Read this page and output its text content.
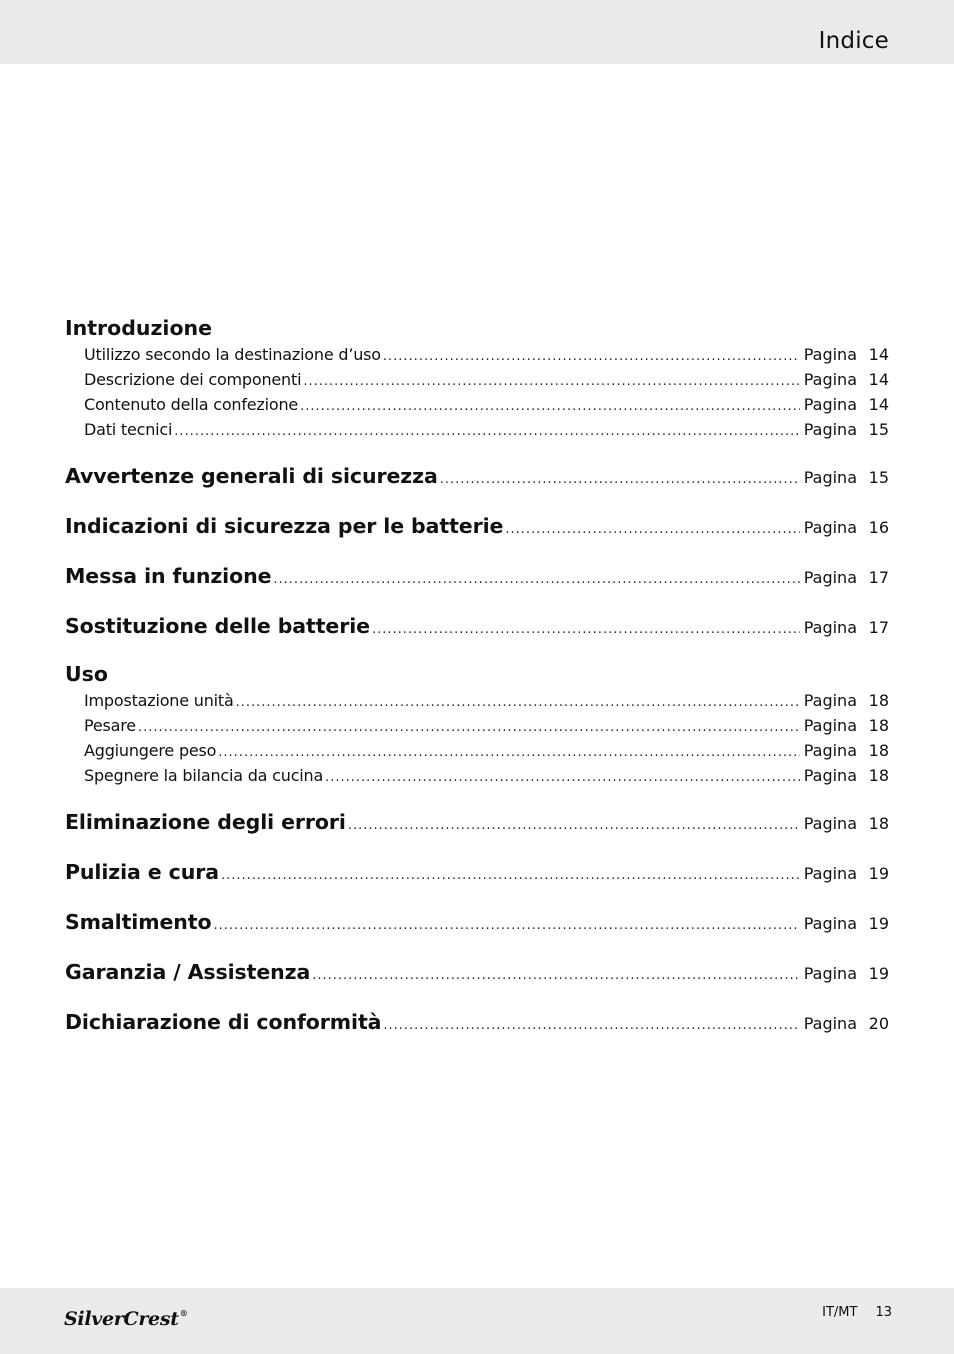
Indice
Introduzione
Utilizzo secondo la destinazione d’uso .....	Pagina 14
Descrizione dei componenti .....	Pagina 14
Contenuto della confezione .....	Pagina 14
Dati tecnici .....	Pagina 15
Avvertenze generali di sicurezza .....	Pagina 15
Indicazioni di sicurezza per le batterie .....	Pagina 16
Messa in funzione .....	Pagina 17
Sostituzione delle batterie .....	Pagina 17
Uso
Impostazione unità .....	Pagina 18
Pesare .....	Pagina 18
Aggiungere peso .....	Pagina 18
Spegnere la bilancia da cucina .....	Pagina 18
Eliminazione degli errori .....	Pagina 18
Pulizia e cura .....	Pagina 19
Smaltimento .....	Pagina 19
Garanzia / Assistenza .....	Pagina 19
Dichiarazione di conformità .....	Pagina 20
SilverCrest®	IT/MT 13
